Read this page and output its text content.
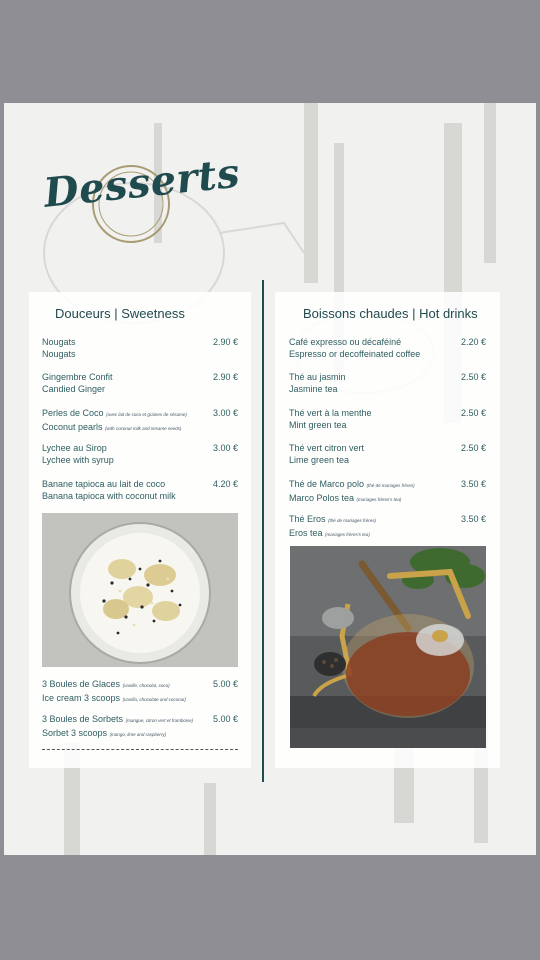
Desserts
Douceurs | Sweetness	Boissons chaudes | Hot drinks
Nougats
Nougats
2.90 €
Gingembre Confit
Candied Ginger
2.90 €
Perles de Coco (avec lait de coco et graines de sésame)
Coconut pearls (with coconut milk and sesame seeds)
3.00 €
Lychee au Sirop
Lychee with syrup
3.00 €
Banane tapioca au lait de coco
Banana tapioca with coconut milk
4.20 €
3 Boules de Glaces (vanille, chocolat, coco)
Ice cream 3 scoops (vanilla, chocolate and coconut)
5.00 €
3 Boules de Sorbets (mangue, citron vert et framboise)
Sorbet 3 scoops (mango, lime and raspberry)
5.00 €
Café expresso ou décaféiné
Espresso or decoffeinated coffee
2.20 €
Thé au jasmin
Jasmine tea
2.50 €
Thé vert à la menthe
Mint green tea
2.50 €
Thé vert citron vert
Lime green tea
2.50 €
Thé de Marco polo (thé de mariages frères)
Marco Polos tea (mariages frères's tea)
3.50 €
Thé Eros (thé de mariages frères)
Eros tea (mariages frères's tea)
3.50 €
